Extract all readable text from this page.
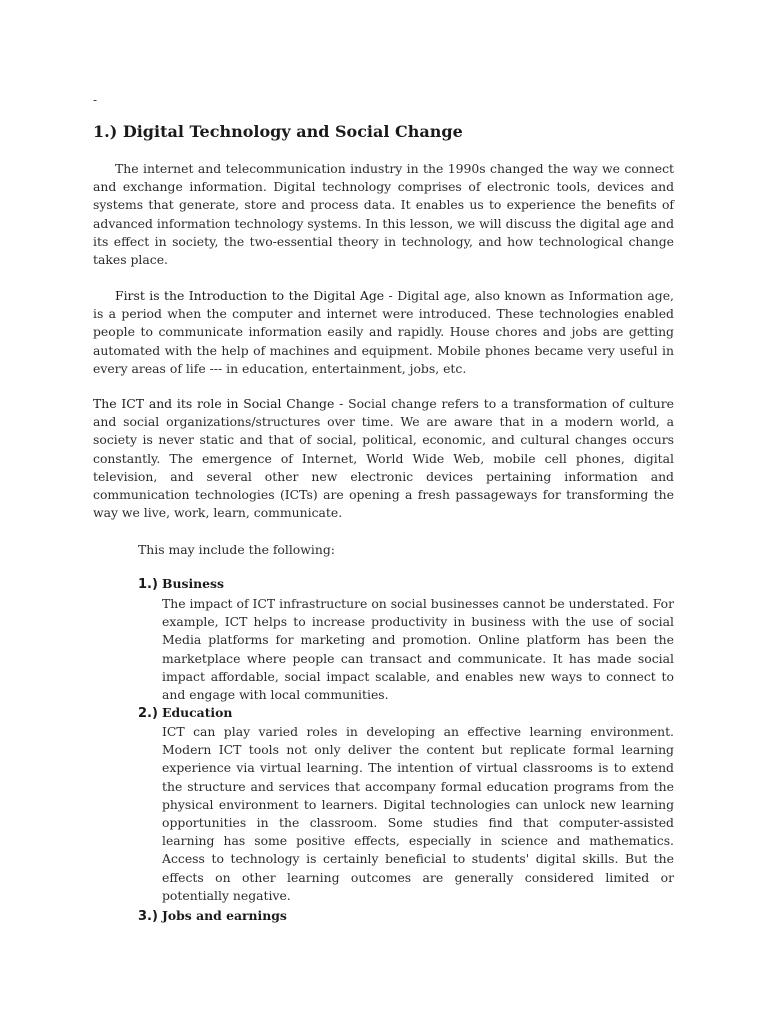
-
1.) Digital Technology and Social Change

The internet and telecommunication industry in the 1990s changed the way we connect and exchange information. Digital technology comprises of electronic tools, devices and systems that generate, store and process data. It enables us to experience the benefits of advanced information technology systems. In this lesson, we will discuss the digital age and its effect in society, the two-essential theory in technology, and how technological change takes place.

First is the Introduction to the Digital Age - Digital age, also known as Information age, is a period when the computer and internet were introduced. These technologies enabled people to communicate information easily and rapidly. House chores and jobs are getting automated with the help of machines and equipment. Mobile phones became very useful in every areas of life --- in education, entertainment, jobs, etc.

The ICT and its role in Social Change - Social change refers to a transformation of culture and social organizations/structures over time. We are aware that in a modern world, a society is never static and that of social, political, economic, and cultural changes occurs constantly. The emergence of Internet, World Wide Web, mobile cell phones, digital television, and several other new electronic devices pertaining information and communication technologies (ICTs) are opening a fresh passageways for transforming the way we live, work, learn, communicate.

This may include the following:
1.) Business

The impact of ICT infrastructure on social businesses cannot be understated. For example, ICT helps to increase productivity in business with the use of social Media platforms for marketing and promotion. Online platform has been the marketplace where people can transact and communicate. It has made social impact affordable, social impact scalable, and enables new ways to connect to and engage with local communities.

2.) Education

ICT can play varied roles in developing an effective learning environment. Modern ICT tools not only deliver the content but replicate formal learning experience via virtual learning. The intention of virtual classrooms is to extend the structure and services that accompany formal education programs from the physical environment to learners. Digital technologies can unlock new learning opportunities in the classroom. Some studies find that computer-assisted learning has some positive effects, especially in science and mathematics. Access to technology is certainly beneficial to students' digital skills. But the effects on other learning outcomes are generally considered limited or potentially negative.

3.) Jobs and earnings
